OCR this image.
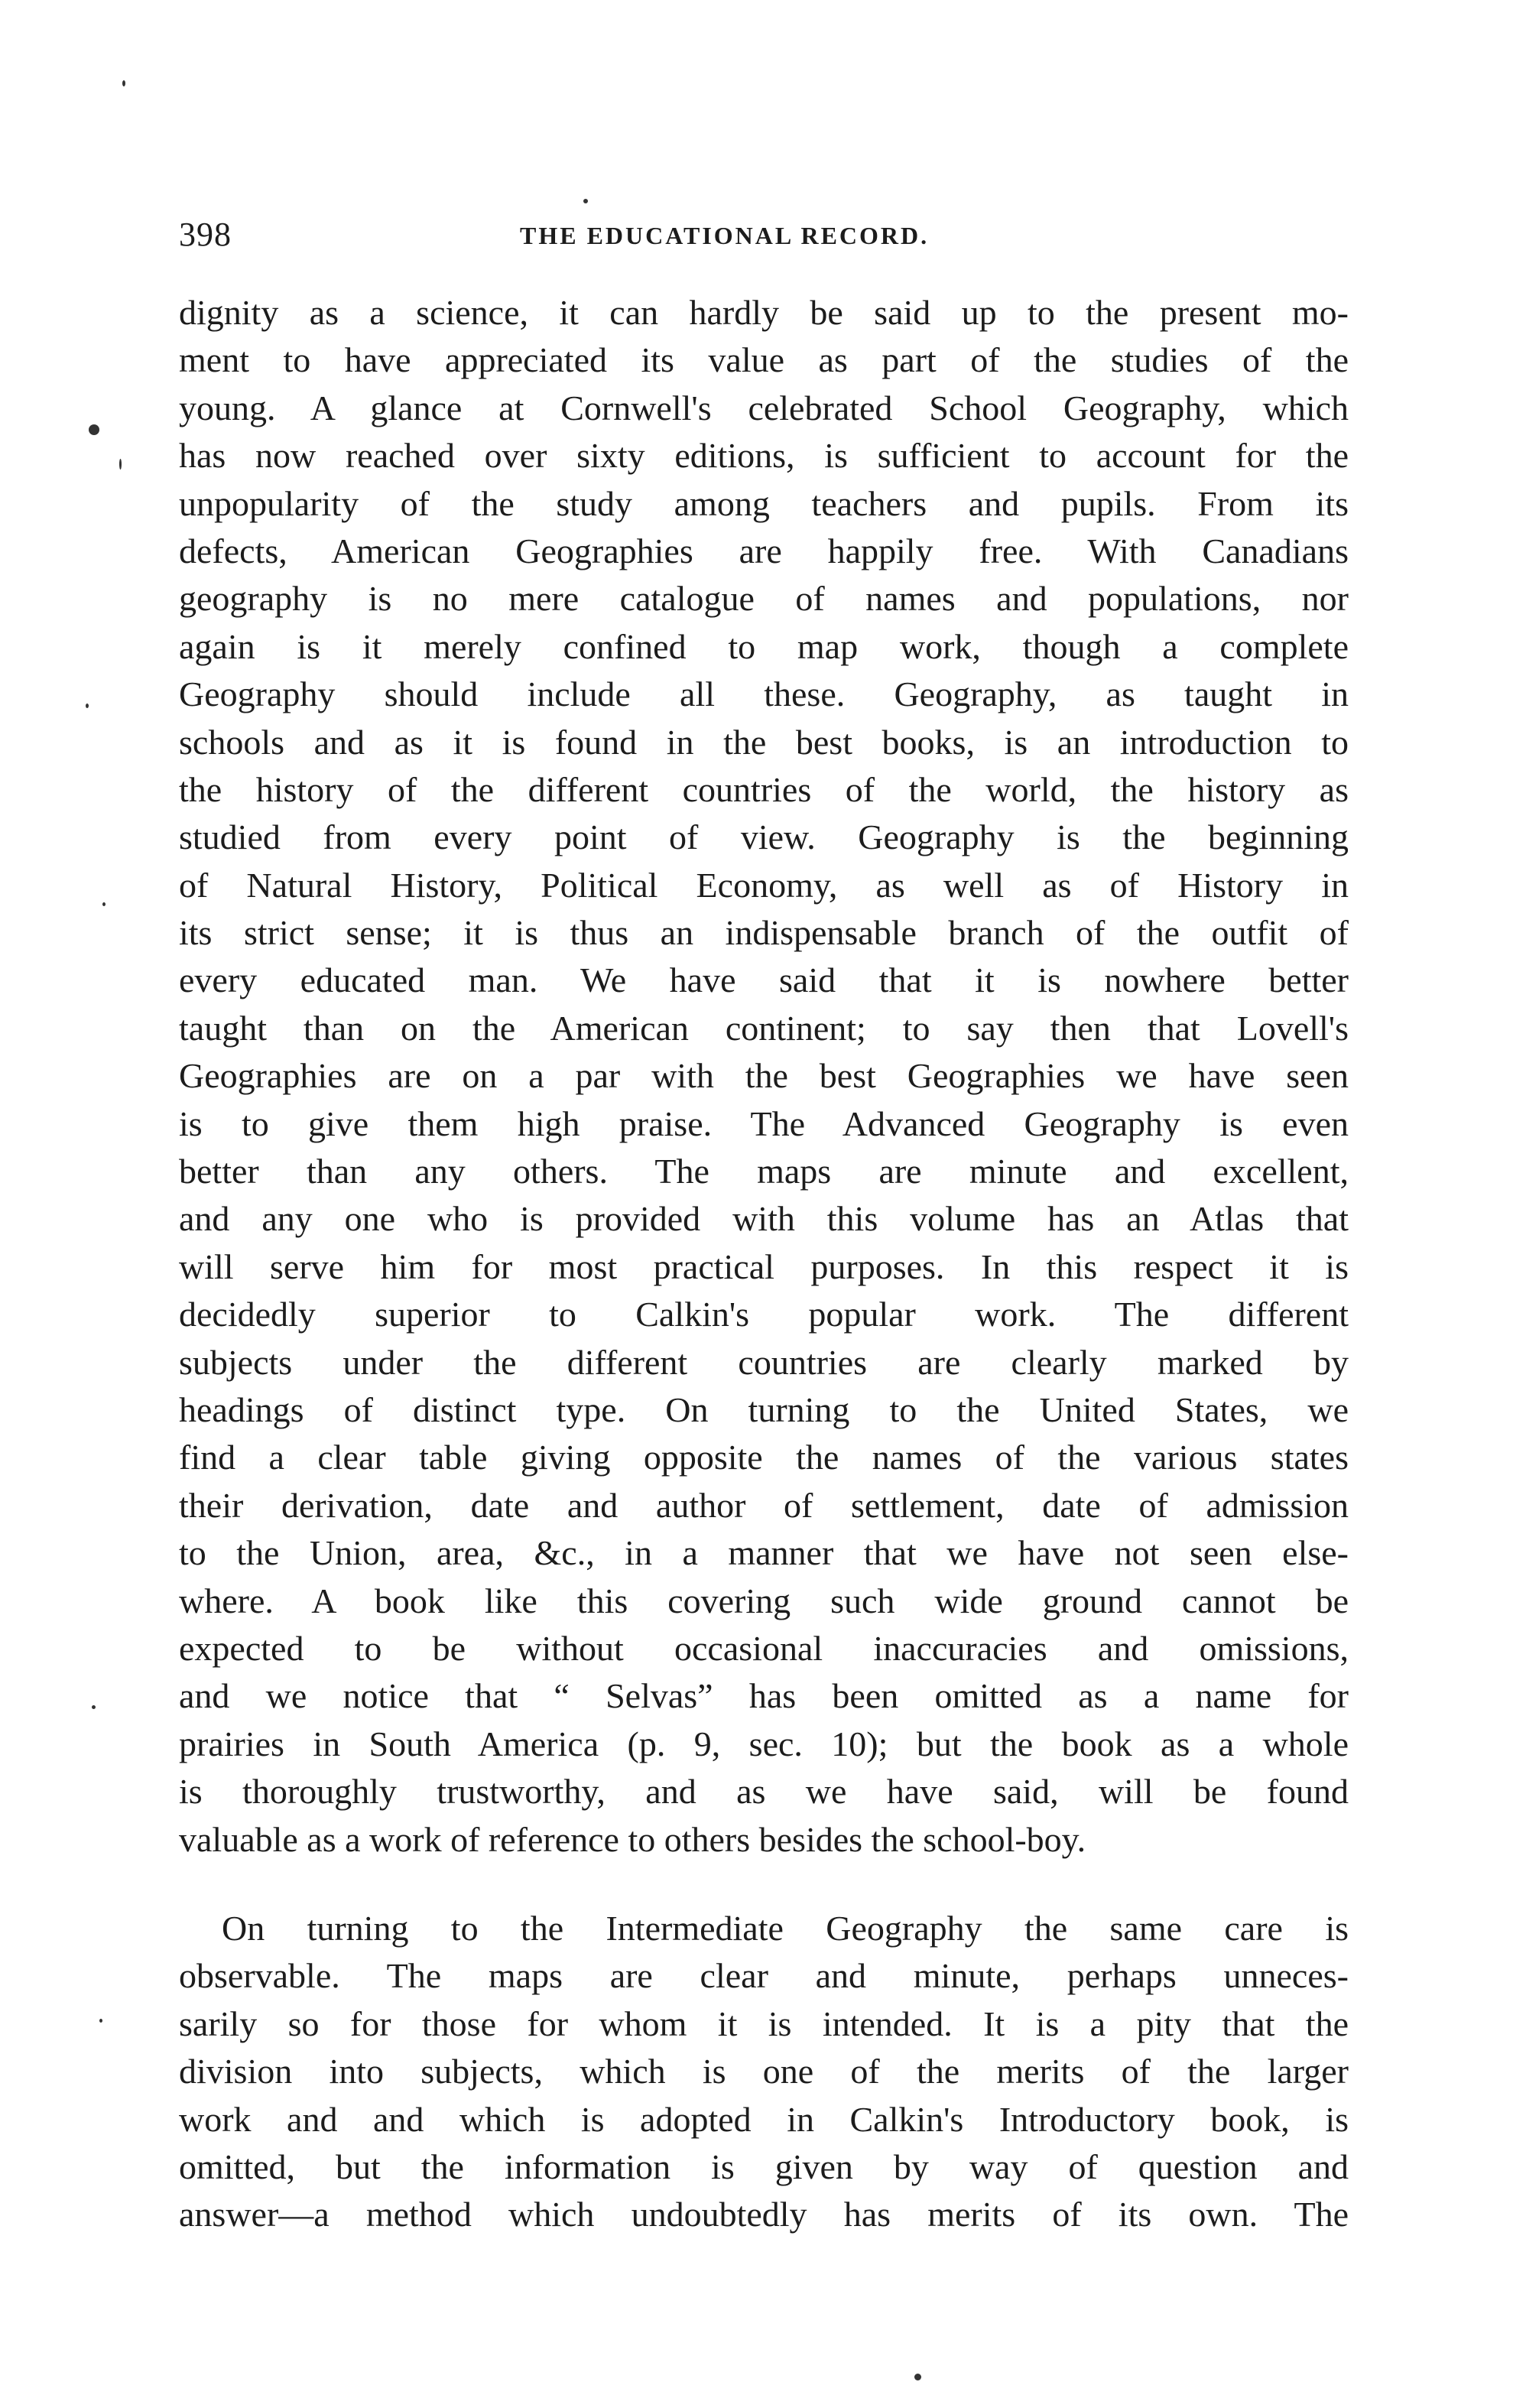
398	THE EDUCATIONAL RECORD.
dignity as a science, it can hardly be said up to the present mo-
ment to have appreciated its value as part of the studies of the
young. A glance at Cornwell's celebrated School Geography, which
has now reached over sixty editions, is sufficient to account for the
unpopularity of the study among teachers and pupils. From its
defects, American Geographies are happily free. With Canadians
geography is no mere catalogue of names and populations, nor
again is it merely confined to map work, though a complete
Geography should include all these. Geography, as taught in
schools and as it is found in the best books, is an introduction to
the history of the different countries of the world, the history as
studied from every point of view. Geography is the beginning
of Natural History, Political Economy, as well as of History in
its strict sense; it is thus an indispensable branch of the outfit of
every educated man. We have said that it is nowhere better
taught than on the American continent; to say then that Lovell's
Geographies are on a par with the best Geographies we have seen
is to give them high praise. The Advanced Geography is even
better than any others. The maps are minute and excellent,
and any one who is provided with this volume has an Atlas that
will serve him for most practical purposes. In this respect it is
decidedly superior to Calkin's popular work. The different
subjects under the different countries are clearly marked by
headings of distinct type. On turning to the United States, we
find a clear table giving opposite the names of the various states
their derivation, date and author of settlement, date of admission
to the Union, area, &c., in a manner that we have not seen else-
where. A book like this covering such wide ground cannot be
expected to be without occasional inaccuracies and omissions,
and we notice that “ Selvas” has been omitted as a name for
prairies in South America (p. 9, sec. 10); but the book as a whole
is thoroughly trustworthy, and as we have said, will be found
valuable as a work of reference to others besides the school-boy.
On turning to the Intermediate Geography the same care is
observable. The maps are clear and minute, perhaps unneces-
sarily so for those for whom it is intended. It is a pity that the
division into subjects, which is one of the merits of the larger
work and and which is adopted in Calkin's Introductory book, is
omitted, but the information is given by way of question and
answer—a method which undoubtedly has merits of its own. The
